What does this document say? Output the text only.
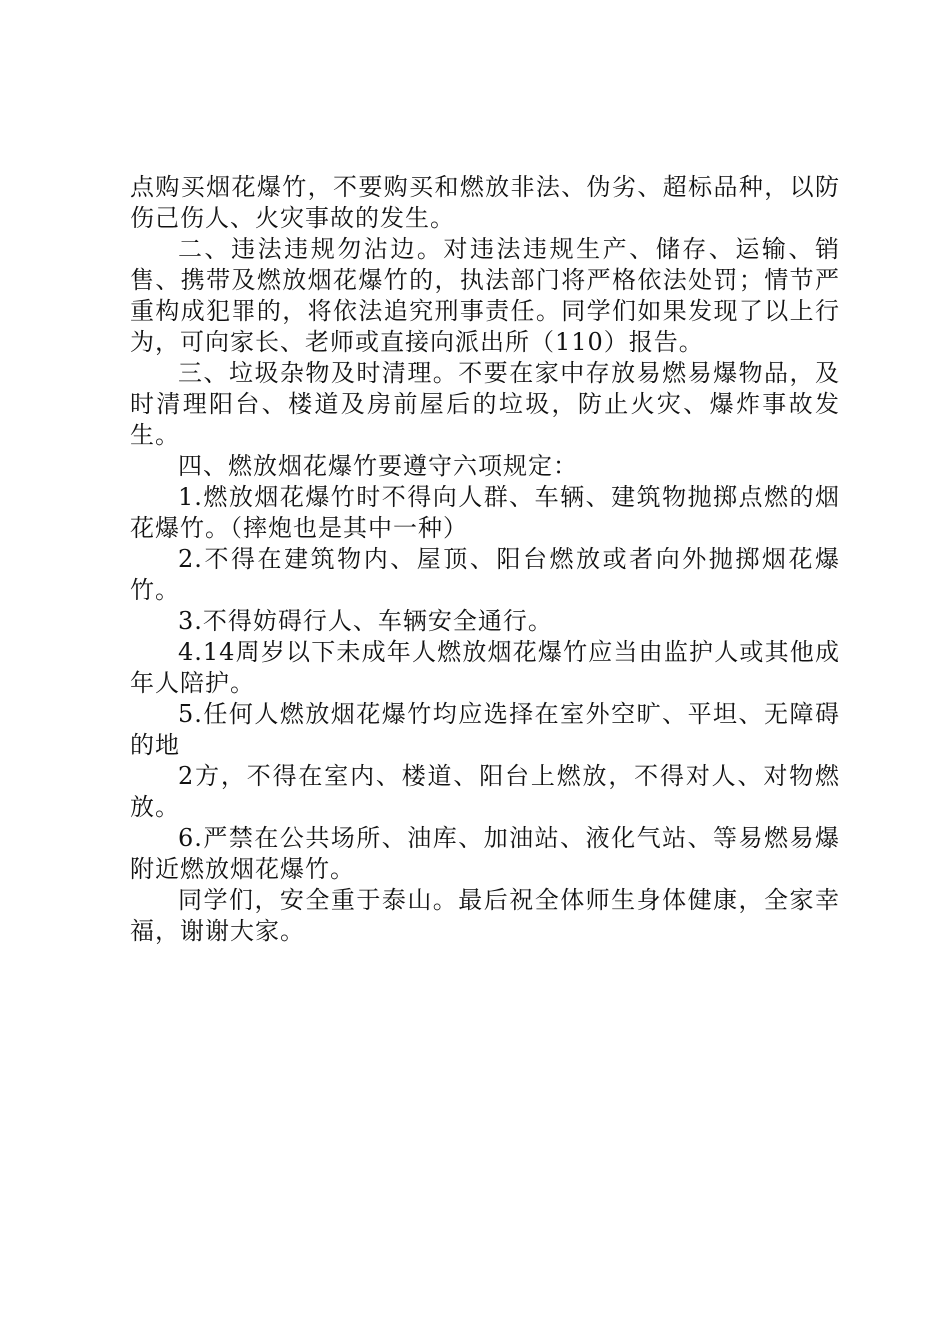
点购买烟花爆竹，不要购买和燃放非法、伪劣、超标品种，以防伤己伤人、火灾事故的发生。

二、违法违规勿沾边。对违法违规生产、储存、运输、销售、携带及燃放烟花爆竹的，执法部门将严格依法处罚；情节严重构成犯罪的，将依法追究刑事责任。同学们如果发现了以上行为，可向家长、老师或直接向派出所（110）报告。

三、垃圾杂物及时清理。不要在家中存放易燃易爆物品，及时清理阳台、楼道及房前屋后的垃圾，防止火灾、爆炸事故发生。

四、燃放烟花爆竹要遵守六项规定：

1.燃放烟花爆竹时不得向人群、车辆、建筑物抛掷点燃的烟花爆竹。（摔炮也是其中一种）

2.不得在建筑物内、屋顶、阳台燃放或者向外抛掷烟花爆竹。

3.不得妨碍行人、车辆安全通行。

4.14周岁以下未成年人燃放烟花爆竹应当由监护人或其他成年人陪护。

5.任何人燃放烟花爆竹均应选择在室外空旷、平坦、无障碍的地

2方，不得在室内、楼道、阳台上燃放，不得对人、对物燃放。

6.严禁在公共场所、油库、加油站、液化气站、等易燃易爆附近燃放烟花爆竹。

同学们，安全重于泰山。最后祝全体师生身体健康，全家幸福，谢谢大家。
